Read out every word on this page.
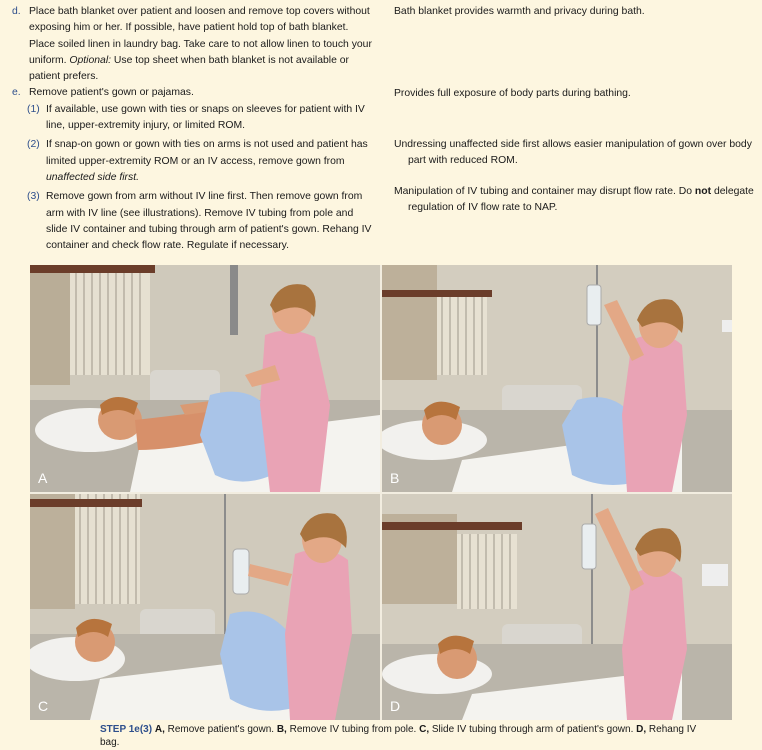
d. Place bath blanket over patient and loosen and remove top covers without exposing him or her. If possible, have patient hold top of bath blanket. Place soiled linen in laundry bag. Take care to not allow linen to touch your uniform. Optional: Use top sheet when bath blanket is not available or patient prefers.
e. Remove patient's gown or pajamas.
(1) If available, use gown with ties or snaps on sleeves for patient with IV line, upper-extremity injury, or limited ROM.
(2) If snap-on gown or gown with ties on arms is not used and patient has limited upper-extremity ROM or an IV access, remove gown from unaffected side first.
(3) Remove gown from arm without IV line first. Then remove gown from arm with IV line (see illustrations). Remove IV tubing from pole and slide IV container and tubing through arm of patient's gown. Rehang IV container and check flow rate. Regulate if necessary.
Bath blanket provides warmth and privacy during bath.
Provides full exposure of body parts during bathing.
Undressing unaffected side first allows easier manipulation of gown over body part with reduced ROM.
Manipulation of IV tubing and container may disrupt flow rate. Do not delegate regulation of IV flow rate to NAP.
A	B
C	D
STEP 1e(3) A, Remove patient's gown. B, Remove IV tubing from pole. C, Slide IV tubing through arm of patient's gown. D, Rehang IV bag.
